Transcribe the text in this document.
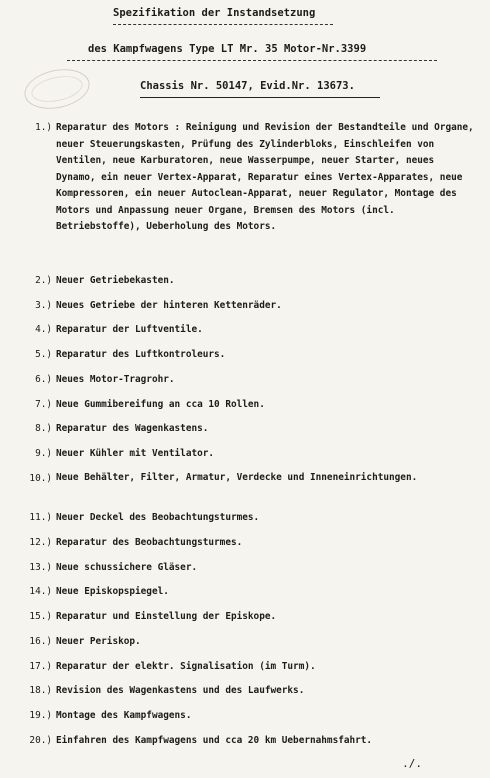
Spezifikation der Instandsetzung
des Kampfwagens Type LT Mr. 35 Motor-Nr.3399
Chassis Nr. 50147, Evid.Nr. 13673.
1.) Reparatur des Motors : Reinigung und Revision der Bestandteile und Organe, neuer Steuerungskasten, Prüfung des Zylinderbloks, Einschleifen von Ventilen, neue Karburatoren, neue Wasserpumpe, neuer Starter, neues Dynamo, ein neuer Vertex-Apparat, Reparatur eines Vertex-Apparates, neue Kompressoren, ein neuer Autoclean-Apparat, neuer Regulator, Montage des Motors und Anpassung neuer Organe, Bremsen des Motors (incl. Betriebstoffe), Ueberholung des Motors.
2.) Neuer Getriebekasten.
3.) Neues Getriebe der hinteren Kettenräder.
4.) Reparatur der Luftventile.
5.) Reparatur des Luftkontroleurs.
6.) Neues Motor-Tragrohr.
7.) Neue Gummibereifung an cca 10 Rollen.
8.) Reparatur des Wagenkastens.
9.) Neuer Kühler mit Ventilator.
10.) Neue Behälter, Filter, Armatur, Verdecke und Inneneinrichtungen.
11.) Neuer Deckel des Beobachtungsturmes.
12.) Reparatur des Beobachtungsturmes.
13.) Neue schussichere Gläser.
14.) Neue Episkopspiegel.
15.) Reparatur und Einstellung der Episkope.
16.) Neuer Periskop.
17.) Reparatur der elektr. Signalisation (im Turm).
18.) Revision des Wagenkastens und des Laufwerks.
19.) Montage des Kampfwagens.
20.) Einfahren des Kampfwagens und cca 20 km Uebernahmsfahrt.
./.
